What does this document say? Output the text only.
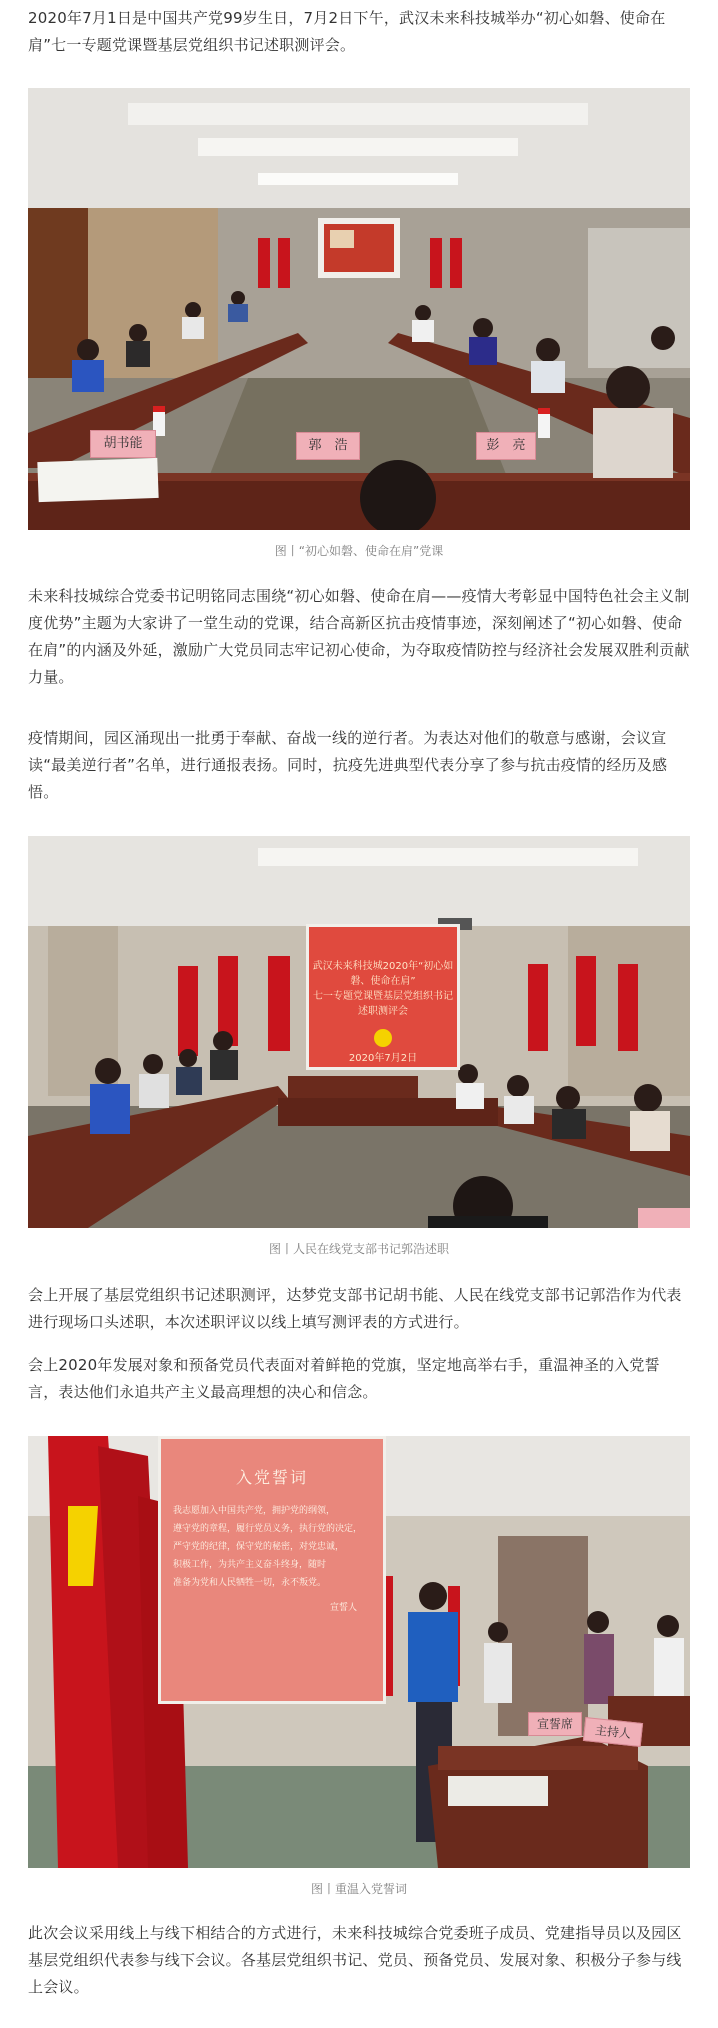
2020年7月1日是中国共产党99岁生日，7月2日下午，武汉未来科技城举办“初心如磐、使命在肩”七一专题党课暨基层党组织书记述职测评会。

胡书能	郭　浩	彭　亮
图丨“初心如磐、使命在肩”党课

未来科技城综合党委书记明铭同志围绕“初心如磐、使命在肩——疫情大考彰显中国特色社会主义制度优势”主题为大家讲了一堂生动的党课，结合高新区抗击疫情事迹，深刻阐述了“初心如磐、使命在肩”的内涵及外延，激励广大党员同志牢记初心使命，为夺取疫情防控与经济社会发展双胜利贡献力量。

疫情期间，园区涌现出一批勇于奉献、奋战一线的逆行者。为表达对他们的敬意与感谢，会议宣读“最美逆行者”名单，进行通报表扬。同时，抗疫先进典型代表分享了参与抗击疫情的经历及感悟。

武汉未来科技城2020年“初心如磐、使命在肩”
七一专题党课暨基层党组织书记述职测评会
2020年7月2日
图丨人民在线党支部书记郭浩述职

会上开展了基层党组织书记述职测评，达梦党支部书记胡书能、人民在线党支部书记郭浩作为代表进行现场口头述职，本次述职评议以线上填写测评表的方式进行。

会上2020年发展对象和预备党员代表面对着鲜艳的党旗，坚定地高举右手，重温神圣的入党誓言，表达他们永追共产主义最高理想的决心和信念。

入党誓词
我志愿加入中国共产党，拥护党的纲领，
遵守党的章程，履行党员义务，执行党的决定，
严守党的纪律，保守党的秘密，对党忠诚，
积极工作，为共产主义奋斗终身，随时
准备为党和人民牺牲一切，永不叛党。
宣誓人
宣誓席	主持人
图丨重温入党誓词

此次会议采用线上与线下相结合的方式进行，未来科技城综合党委班子成员、党建指导员以及园区基层党组织代表参与线下会议。各基层党组织书记、党员、预备党员、发展对象、积极分子参与线上会议。
